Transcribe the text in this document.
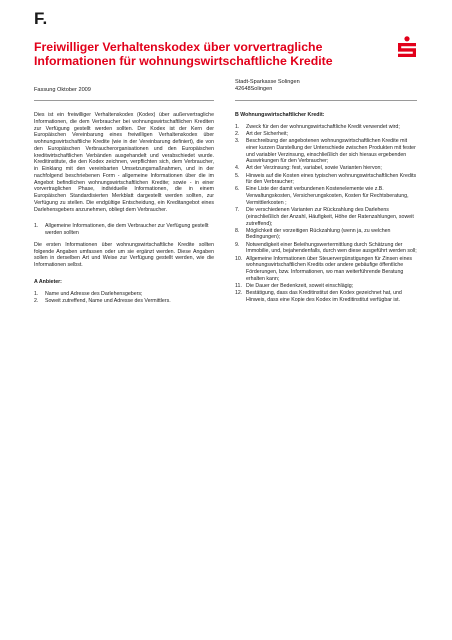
F.
Freiwilliger Verhaltenskodex über vorvertragliche Informationen für wohnungswirtschaftliche Kredite
Fassung Oktober 2009
Stadt-Sparkasse Solingen
42648Solingen

Dies ist ein freiwilliger Verhaltenskodex (Kodex) über außervertragliche Informationen, die dem Verbraucher bei wohnungswirtschaftlichen Krediten zur Verfügung gestellt werden sollten. Der Kodex ist der Kern der Europäischen Vereinbarung eines freiwilligen Verhaltenskodex über wohnungswirtschaftliche Kredite (wie in der Vereinbarung definiert), die von den Europäischen Verbraucherorganisationen und den Europäischen kreditwirtschaftlichen Verbänden ausgehandelt und verabschiedet wurde. Kreditinstitute, die den Kodex zeichnen, verpflichten sich, dem Verbraucher, in Einklang mit den vereinbarten Umsetzungsmaßnahmen, und in der nachfolgend beschriebenen Form - allgemeine Informationen über die im Angebot befindlichen wohnungswirtschaftlichen Kredite; sowie - in einer vorvertraglichen Phase, individuelle Informationen, die in einem Europäischen Standardisierten Merkblatt dargestellt werden sollten, zur Verfügung zu stellen. Die endgültige Entscheidung, ein Kreditangebot eines Darlehensgebers anzunehmen, obliegt dem Verbraucher.

1. Allgemeine Informationen, die dem Verbraucher zur Verfügung gestellt werden sollten

Die ersten Informationen über wohnungswirtschaftliche Kredite sollten folgende Angaben umfassen oder um sie ergänzt werden. Diese Angaben sollen in derselben Art und Weise zur Verfügung gestellt werden, wie die Informationen selbst.

A Anbieter:
1. Name und Adresse des Darlehensgebers;
2. Soweit zutreffend, Name und Adresse des Vermittlers.
B Wohnungswirtschaftlicher Kredit:
1. Zweck für den der wohnungswirtschaftliche Kredit verwendet wird;
2. Art der Sicherheit;
3. Beschreibung der angebotenen wohnungswirtschaftlichen Kredite mit einer kurzen Darstellung der Unterschiede zwischen Produkten mit fester und variabler Verzinsung, einschließlich der sich hieraus ergebenden Auswirkungen für den Verbraucher;
4. Art der Verzinsung: fest, variabel, sowie Varianten hiervon;
5. Hinweis auf die Kosten eines typischen wohnungswirtschaftlichen Kredits für den Verbraucher;
6. Eine Liste der damit verbundenen Kostenelemente wie z.B. Verwaltungskosten, Versicherungskosten, Kosten für Rechtsberatung, Vermittlerkosten ;
7. Die verschiedenen Varianten zur Rückzahlung des Darlehens (einschließlich der Anzahl, Häufigkeit, Höhe der Ratenzahlungen, soweit zutreffend);
8. Möglichkeit der vorzeitigen Rückzahlung (wenn ja, zu welchen Bedingungen);
9. Notwendigkeit einer Beleihungswertermittlung durch Schätzung der Immobilie, und, bejahendenfalls, durch wen diese ausgeführt werden soll;
10. Allgemeine Informationen über Steuervergünstigungen für Zinsen eines wohnungswirtschaftlichen Kredits oder andere gebäufige öffentliche Förderungen, bzw. Informationen, wo man weiterführende Beratung erhalten kann;
11. Die Dauer der Bedenkzeit, soweit einschlägig;
12. Bestätigung, dass das Kreditinstitut den Kodex gezeichnet hat, und Hinweis, dass eine Kopie des Kodex im Kreditinstitut verfügbar ist.
